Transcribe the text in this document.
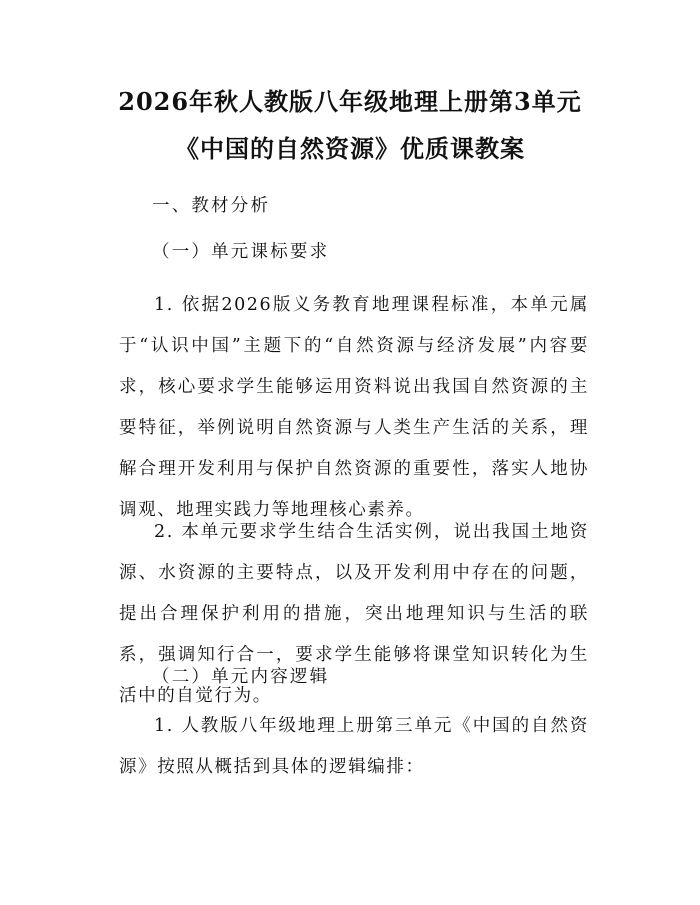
2026年秋人教版八年级地理上册第3单元
《中国的自然资源》优质课教案
一、教材分析
（一）单元课标要求
1. 依据2026版义务教育地理课程标准，本单元属于“认识中国”主题下的“自然资源与经济发展”内容要求，核心要求学生能够运用资料说出我国自然资源的主要特征，举例说明自然资源与人类生产生活的关系，理解合理开发利用与保护自然资源的重要性，落实人地协调观、地理实践力等地理核心素养。
2. 本单元要求学生结合生活实例，说出我国土地资源、水资源的主要特点，以及开发利用中存在的问题，提出合理保护利用的措施，突出地理知识与生活的联系，强调知行合一，要求学生能够将课堂知识转化为生活中的自觉行为。
（二）单元内容逻辑
1. 人教版八年级地理上册第三单元《中国的自然资源》按照从概括到具体的逻辑编排：
